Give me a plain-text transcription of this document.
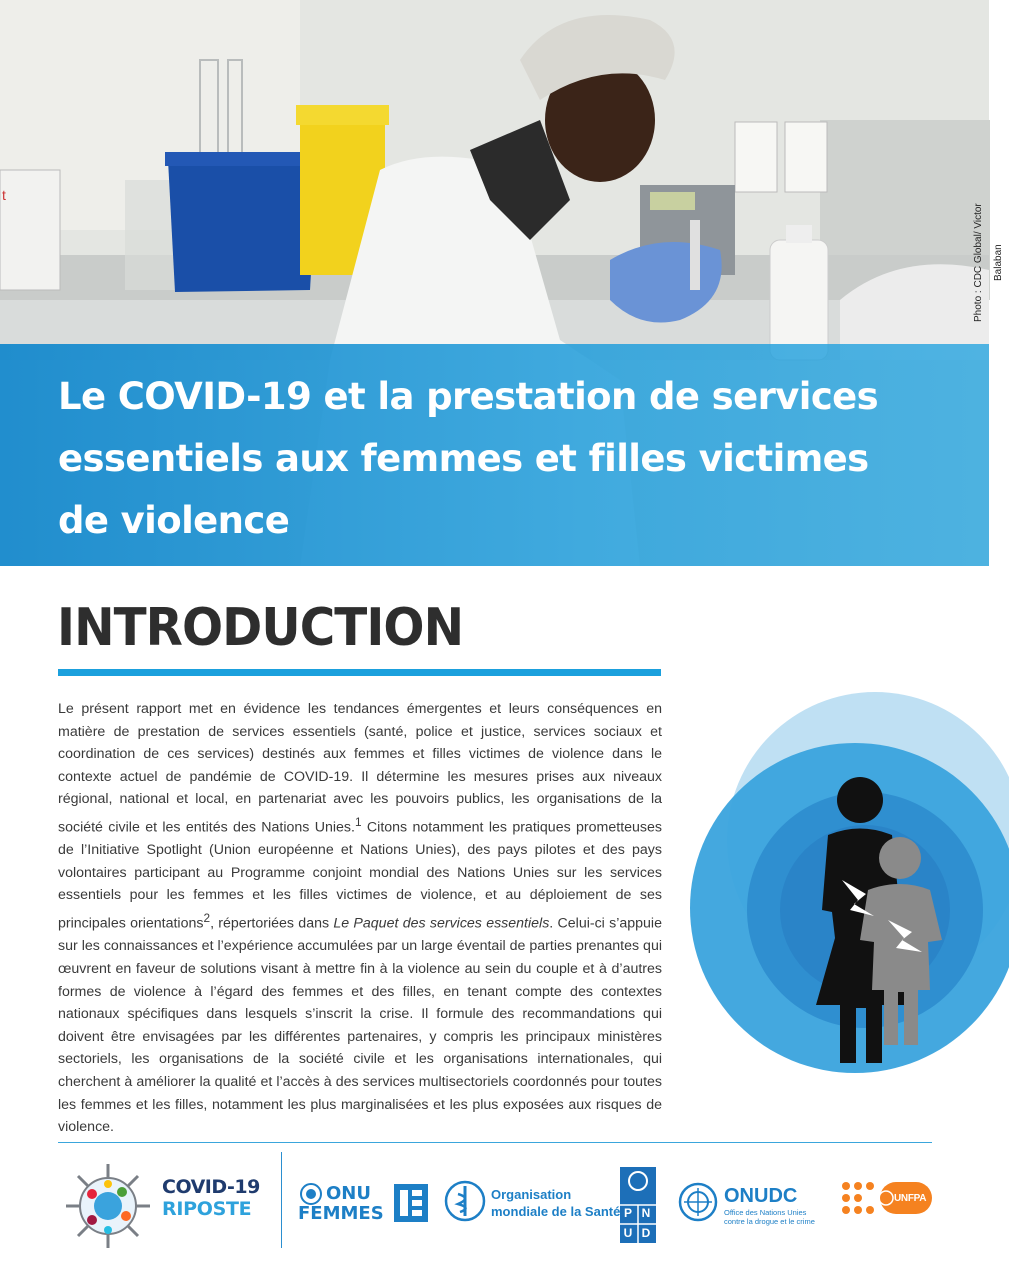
t
Photo : CDC Global/ Victor Balaban
Le COVID-19 et la prestation de services
essentiels aux femmes et filles victimes
de violence
INTRODUCTION

Le présent rapport met en évidence les tendances émergentes et leurs conséquences en matière de prestation de services essentiels (santé, police et justice, services sociaux et coordination de ces services) destinés aux femmes et filles victimes de violence dans le contexte actuel de pandémie de COVID-19. Il détermine les mesures prises aux niveaux régional, national et local, en partenariat avec les pouvoirs publics, les organisations de la société civile et les entités des Nations Unies.$^1$ Citons notamment les pratiques prometteuses de l’Initiative Spotlight (Union européenne et Nations Unies), des pays pilotes et des pays volontaires participant au Programme conjoint mondial des Nations Unies sur les services essentiels pour les femmes et les filles victimes de violence, et au déploiement de ses principales orientations$^2$, répertoriées dans Le Paquet des services essentiels. Celui-ci s’appuie sur les connaissances et l’expérience accumulées par un large éventail de parties prenantes qui œuvrent en faveur de solutions visant à mettre fin à la violence au sein du couple et à d’autres formes de violence à l’égard des femmes et des filles, en tenant compte des contextes nationaux spécifiques dans lesquels s’inscrit la crise. Il formule des recommandations qui doivent être envisagées par les différentes partenaires, y compris les principaux ministères sectoriels, les organisations de la société civile et les organisations internationales, qui cherchent à améliorer la qualité et l’accès à des services multisectoriels coordonnés pour toutes les femmes et les filles, notamment les plus marginalisées et les plus exposées aux risques de violence.

COVID-19
RIPOSTE
ONU
FEMMES
Organisation
mondiale de la Santé P N
U D
ONUDC
Office des Nations Unies
contre la drogue et le crime
UNFPA
